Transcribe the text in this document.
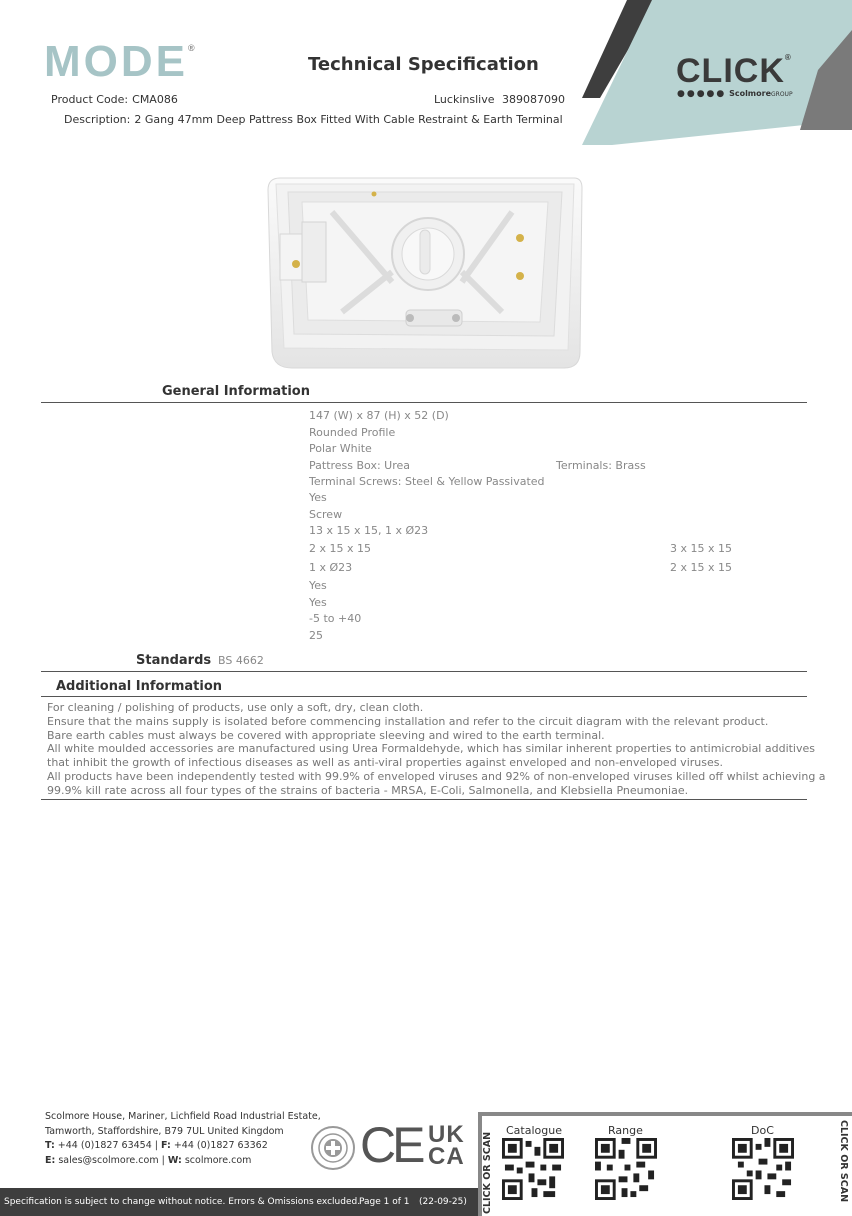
MODE®
Technical Specification	CLICK®
●●●●● ScolmoreGROUP
Product Code: CMA086	Luckinslive 389087090
Description: 2 Gang 47mm Deep Pattress Box Fitted With Cable Restraint & Earth Terminal
General Information
147 (W) x 87 (H) x 52 (D)
Rounded Profile
Polar White
Pattress Box: Urea	Terminals: Brass
Terminal Screws: Steel & Yellow Passivated
Yes
Screw
13 x 15 x 15, 1 x Ø23
2 x 15 x 15	3 x 15 x 15
1 x Ø23	2 x 15 x 15
Yes
Yes
-5 to +40
25
Standards BS 4662
Additional Information

For cleaning / polishing of products, use only a soft, dry, clean cloth.

Ensure that the mains supply is isolated before commencing installation and refer to the circuit diagram with the relevant product.

Bare earth cables must always be covered with appropriate sleeving and wired to the earth terminal.

All white moulded accessories are manufactured using Urea Formaldehyde, which has similar inherent properties to antimicrobial additives

that inhibit the growth of infectious diseases as well as anti-viral properties against enveloped and non-enveloped viruses.

All products have been independently tested with 99.9% of enveloped viruses and 92% of non-enveloped viruses killed off whilst achieving a

99.9% kill rate across all four types of the strains of bacteria - MRSA, E-Coli, Salmonella, and Klebsiella Pneumoniae.

Scolmore House, Mariner, Lichfield Road Industrial Estate,
Tamworth, Staffordshire, B79 7UL United Kingdom
T: +44 (0)1827 63454 | F: +44 (0)1827 63362
E: sales@scolmore.com | W: scolmore.com	CE UK
CA CLICK OR SCAN	CLICK OR SCAN
Catalogue	Range	DoC
Specification is subject to change without notice. Errors & Omissions excluded.
Page 1 of 1 (22-09-25)
